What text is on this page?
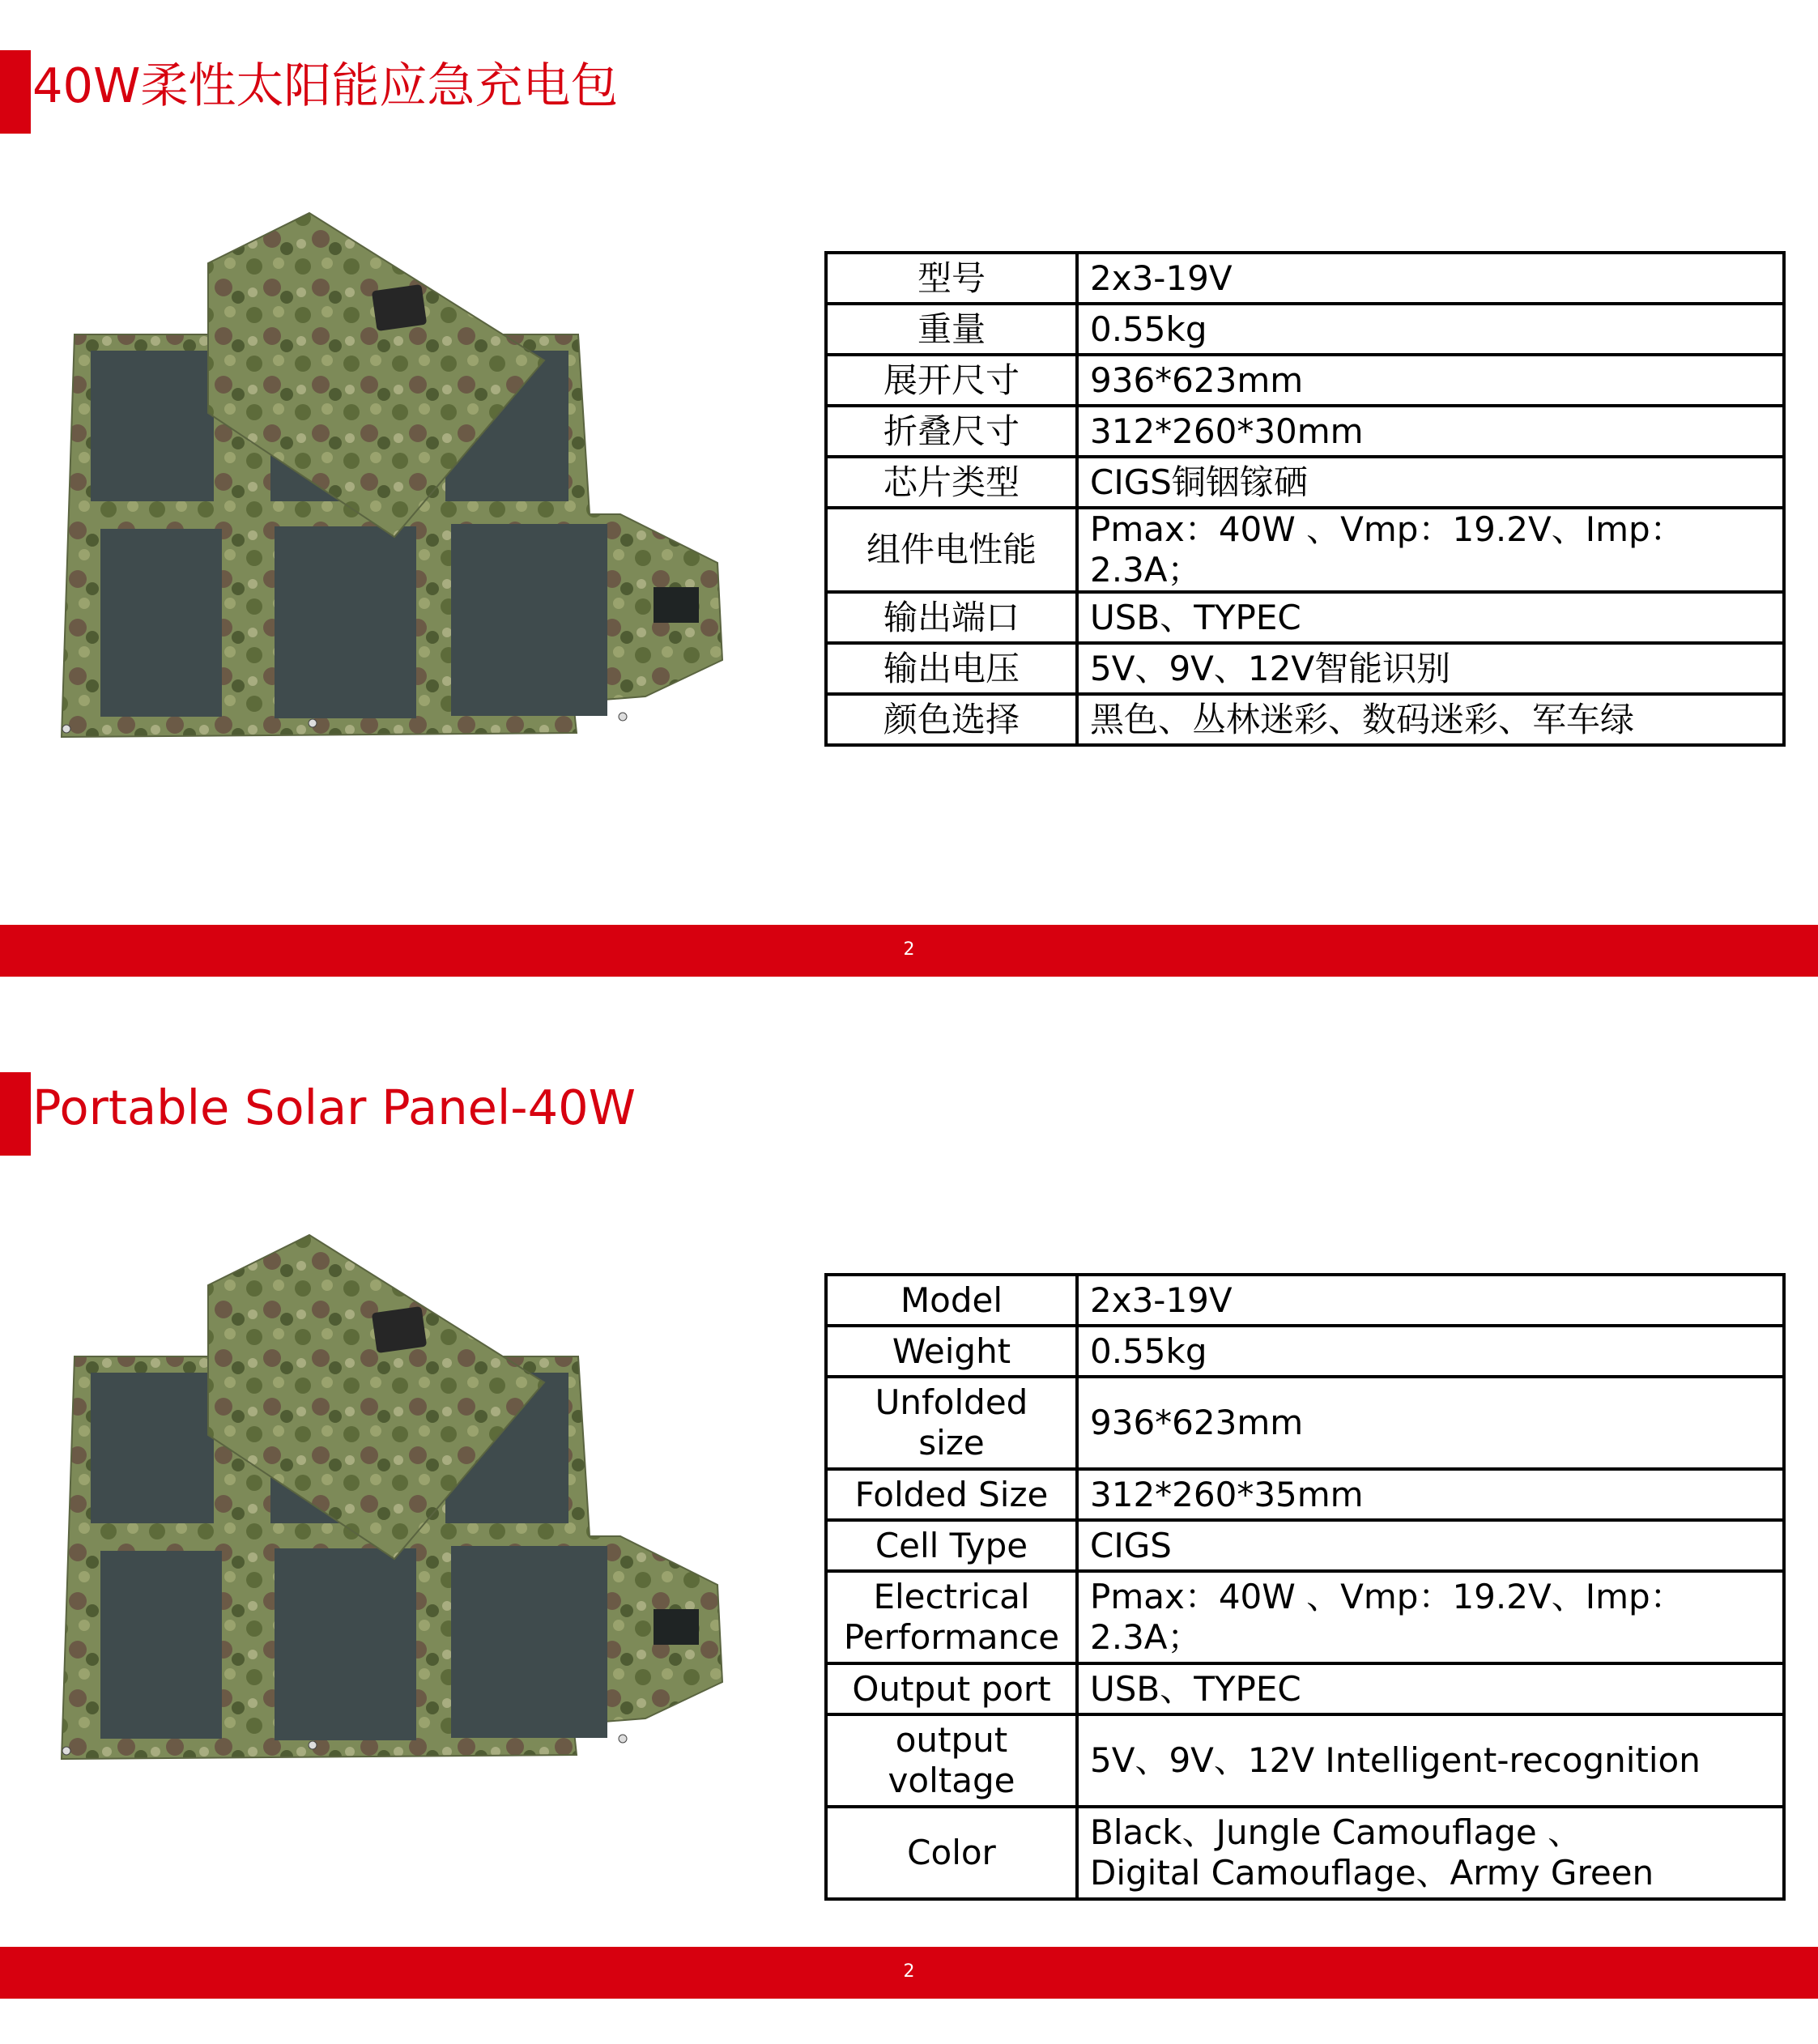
40W柔性太阳能应急充电包
型号	2x3-19V
重量	0.55kg
展开尺寸	936*623mm
折叠尺寸	312*260*30mm
芯片类型	CIGS铜铟镓硒
组件电性能	Pmax：40W 、Vmp：19.2V、Imp：2.3A；
输出端口	USB、TYPEC
输出电压	5V、9V、12V智能识别
颜色选择	黑色、丛林迷彩、数码迷彩、军车绿
2
Portable Solar Panel-40W
Model	2x3-19V
Weight	0.55kg
Unfolded
size	936*623mm
Folded Size	312*260*35mm
Cell Type	CIGS
Electrical
Performance	Pmax：40W 、Vmp：19.2V、Imp：2.3A；
Output port	USB、TYPEC
output
voltage	5V、9V、12V Intelligent-recognition
Color	Black、Jungle Camouflage 、
Digital Camouflage、Army Green
2
